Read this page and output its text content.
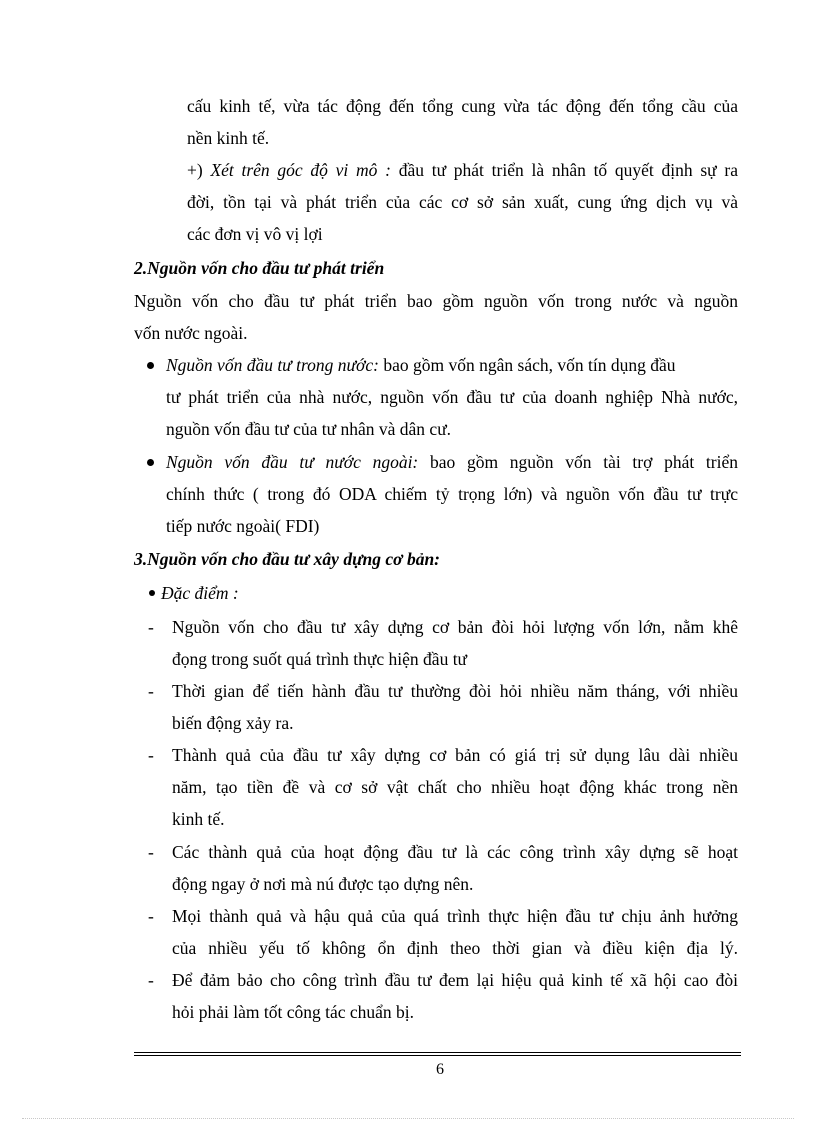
cấu kinh tế, vừa tác động đến tổng cung vừa tác động đến tổng cầu của
nền kinh tế.
+) Xét trên góc độ vi mô : đầu tư phát triển là nhân tố quyết định sự ra
đời, tồn tại và phát triển của các cơ sở sản xuất, cung ứng dịch vụ và
các đơn vị vô vị lợi
2.Nguồn vốn cho đầu tư phát triển
Nguồn vốn cho đầu tư phát triển bao gồm nguồn vốn trong nước và nguồn
vốn nước ngoài.
Nguồn vốn đầu tư trong nước: bao gồm vốn ngân sách, vốn tín dụng đầu
tư phát triển của nhà nước, nguồn vốn đầu tư của doanh nghiệp Nhà nước,
nguồn vốn đầu tư của tư nhân và dân cư.
Nguồn vốn đầu tư nước ngoài: bao gồm nguồn vốn tài trợ phát triển
chính thức ( trong đó ODA chiếm tỷ trọng lớn) và nguồn vốn đầu tư trực
tiếp nước ngoài( FDI)
3.Nguồn vốn cho đầu tư xây dựng cơ bản:
Đặc điểm :
- Nguồn vốn cho đầu tư xây dựng cơ bản đòi hỏi lượng vốn lớn, nằm khê
đọng trong suốt quá trình thực hiện đầu tư
- Thời gian để tiến hành đầu tư thường đòi hỏi nhiều năm tháng, với nhiều
biến động xảy ra.
- Thành quả của đầu tư xây dựng cơ bản có giá trị sử dụng lâu dài nhiều
năm, tạo tiền đề và cơ sở vật chất cho nhiều hoạt động khác trong nền
kinh tế.
- Các thành quả của hoạt động đầu tư là các công trình xây dựng sẽ hoạt
động ngay ở nơi mà nú được tạo dựng nên.
- Mọi thành quả và hậu quả của quá trình thực hiện đầu tư chịu ảnh hưởng
của nhiều yếu tố không ổn định theo thời gian và điều kiện địa lý.
- Để đảm bảo cho công trình đầu tư đem lại hiệu quả kinh tế xã hội cao đòi
hỏi phải làm tốt công tác chuẩn bị.
6
